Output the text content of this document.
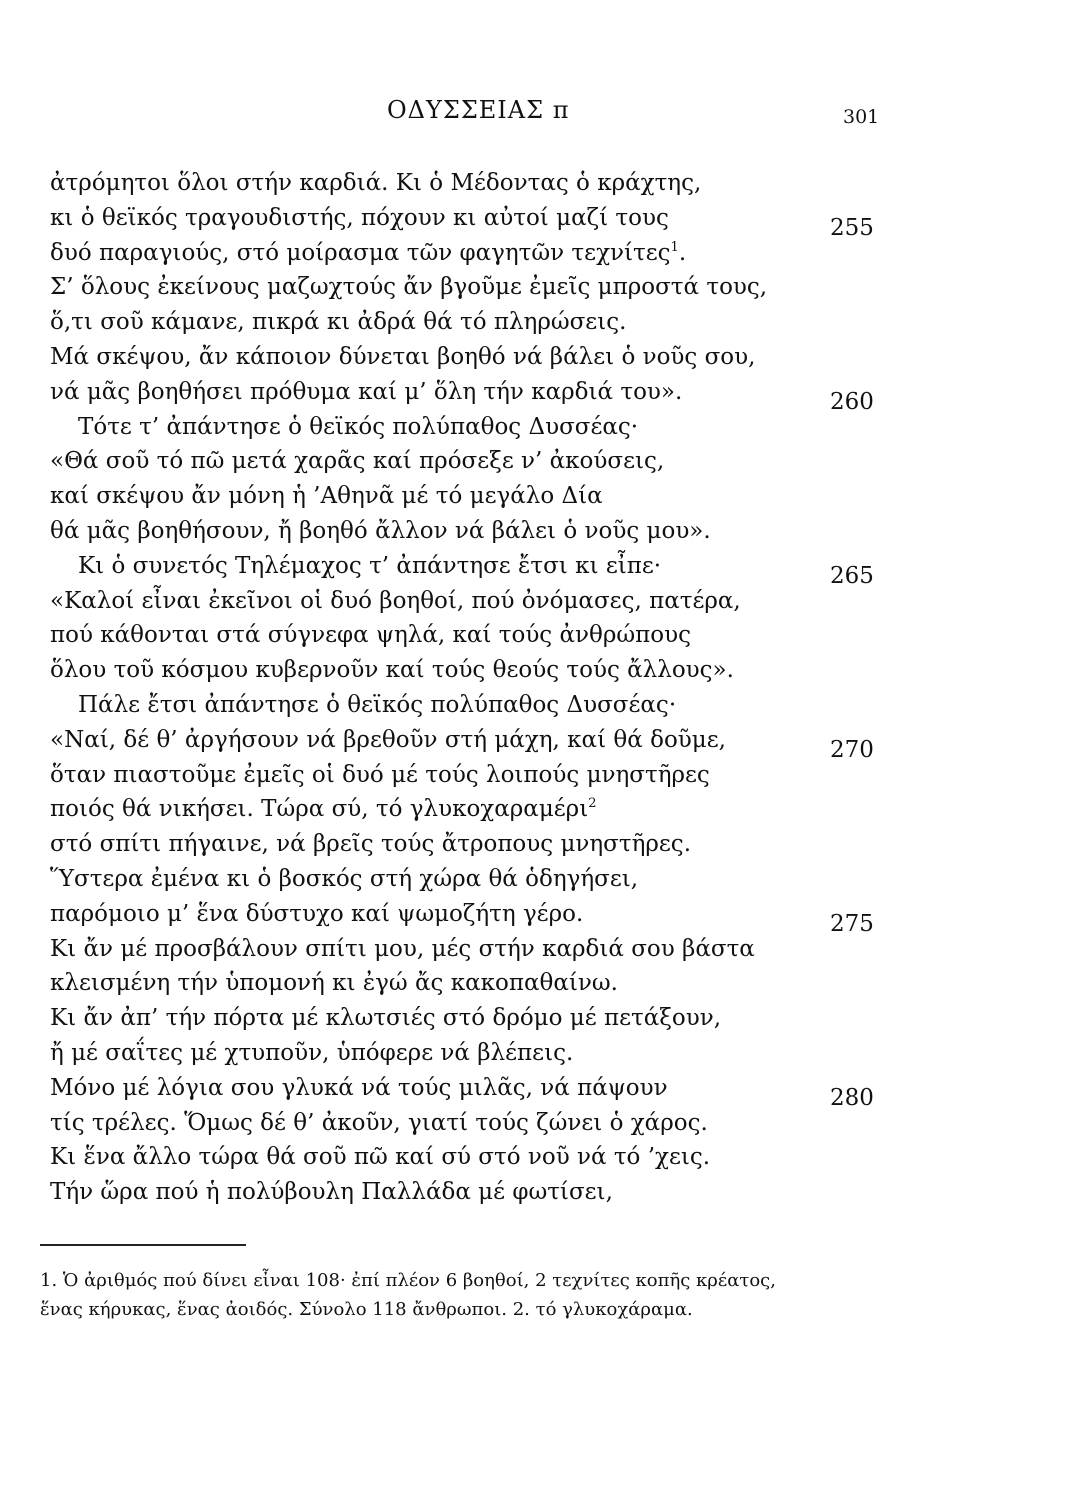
ΟΔΥΣΣΕΙΑΣ π	301
ἀτρόμητοι ὅλοι στήν καρδιά. Κι ὁ Μέδοντας ὁ κράχτης,
κι ὁ θεϊκός τραγουδιστής, πόχουν κι αὐτοί μαζί τους	255
δυό παραγιούς, στό μοίρασμα τῶν φαγητῶν τεχνίτες$^1$.
Σ’ ὅλους ἐκείνους μαζωχτούς ἄν βγοῦμε ἐμεῖς μπροστά τους,
ὅ,τι σοῦ κάμανε, πικρά κι ἀδρά θά τό πληρώσεις.
Μά σκέψου, ἄν κάποιον δύνεται βοηθό νά βάλει ὁ νοῦς σου,
νά μᾶς βοηθήσει πρόθυμα καί μ’ ὅλη τήν καρδιά του».	260
Τότε τ’ ἀπάντησε ὁ θεϊκός πολύπαθος Δυσσέας·
«Θά σοῦ τό πῶ μετά χαρᾶς καί πρόσεξε ν’ ἀκούσεις,
καί σκέψου ἄν μόνη ἡ ’Αθηνᾶ μέ τό μεγάλο Δία
θά μᾶς βοηθήσουν, ἤ βοηθό ἄλλον νά βάλει ὁ νοῦς μου».
Κι ὁ συνετός Τηλέμαχος τ’ ἀπάντησε ἔτσι κι εἶπε·	265
«Καλοί εἶναι ἐκεῖνοι οἱ δυό βοηθοί, πού ὀνόμασες, πατέρα,
πού κάθονται στά σύγνεφα ψηλά, καί τούς ἀνθρώπους
ὅλου τοῦ κόσμου κυβερνοῦν καί τούς θεούς τούς ἄλλους».
Πάλε ἔτσι ἀπάντησε ὁ θεϊκός πολύπαθος Δυσσέας·
«Ναί, δέ θ’ ἀργήσουν νά βρεθοῦν στή μάχη, καί θά δοῦμε,	270
ὅταν πιαστοῦμε ἐμεῖς οἱ δυό μέ τούς λοιπούς μνηστῆρες
ποιός θά νικήσει. Τώρα σύ, τό γλυκοχαραμέρι$^2$
στό σπίτι πήγαινε, νά βρεῖς τούς ἄτροπους μνηστῆρες.
Ὕστερα ἐμένα κι ὁ βοσκός στή χώρα θά ὁδηγήσει,
παρόμοιο μ’ ἕνα δύστυχο καί ψωμοζήτη γέρο.	275
Κι ἄν μέ προσβάλουν σπίτι μου, μές στήν καρδιά σου βάστα
κλεισμένη τήν ὑπομονή κι ἐγώ ἄς κακοπαθαίνω.
Κι ἄν ἀπ’ τήν πόρτα μέ κλωτσιές στό δρόμο μέ πετάξουν,
ἤ μέ σαΐτες μέ χτυποῦν, ὑπόφερε νά βλέπεις.
Μόνο μέ λόγια σου γλυκά νά τούς μιλᾶς, νά πάψουν	280
τίς τρέλες. Ὅμως δέ θ’ ἀκοῦν, γιατί τούς ζώνει ὁ χάρος.
Κι ἕνα ἄλλο τώρα θά σοῦ πῶ καί σύ στό νοῦ νά τό ’χεις.
Τήν ὥρα πού ἡ πολύβουλη Παλλάδα μέ φωτίσει,
1. Ὁ ἀριθμός πού δίνει εἶναι 108· ἐπί πλέον 6 βοηθοί, 2 τεχνίτες κοπῆς κρέατος,
ἕνας κήρυκας, ἕνας ἀοιδός. Σύνολο 118 ἄνθρωποι. 2. τό γλυκοχάραμα.
